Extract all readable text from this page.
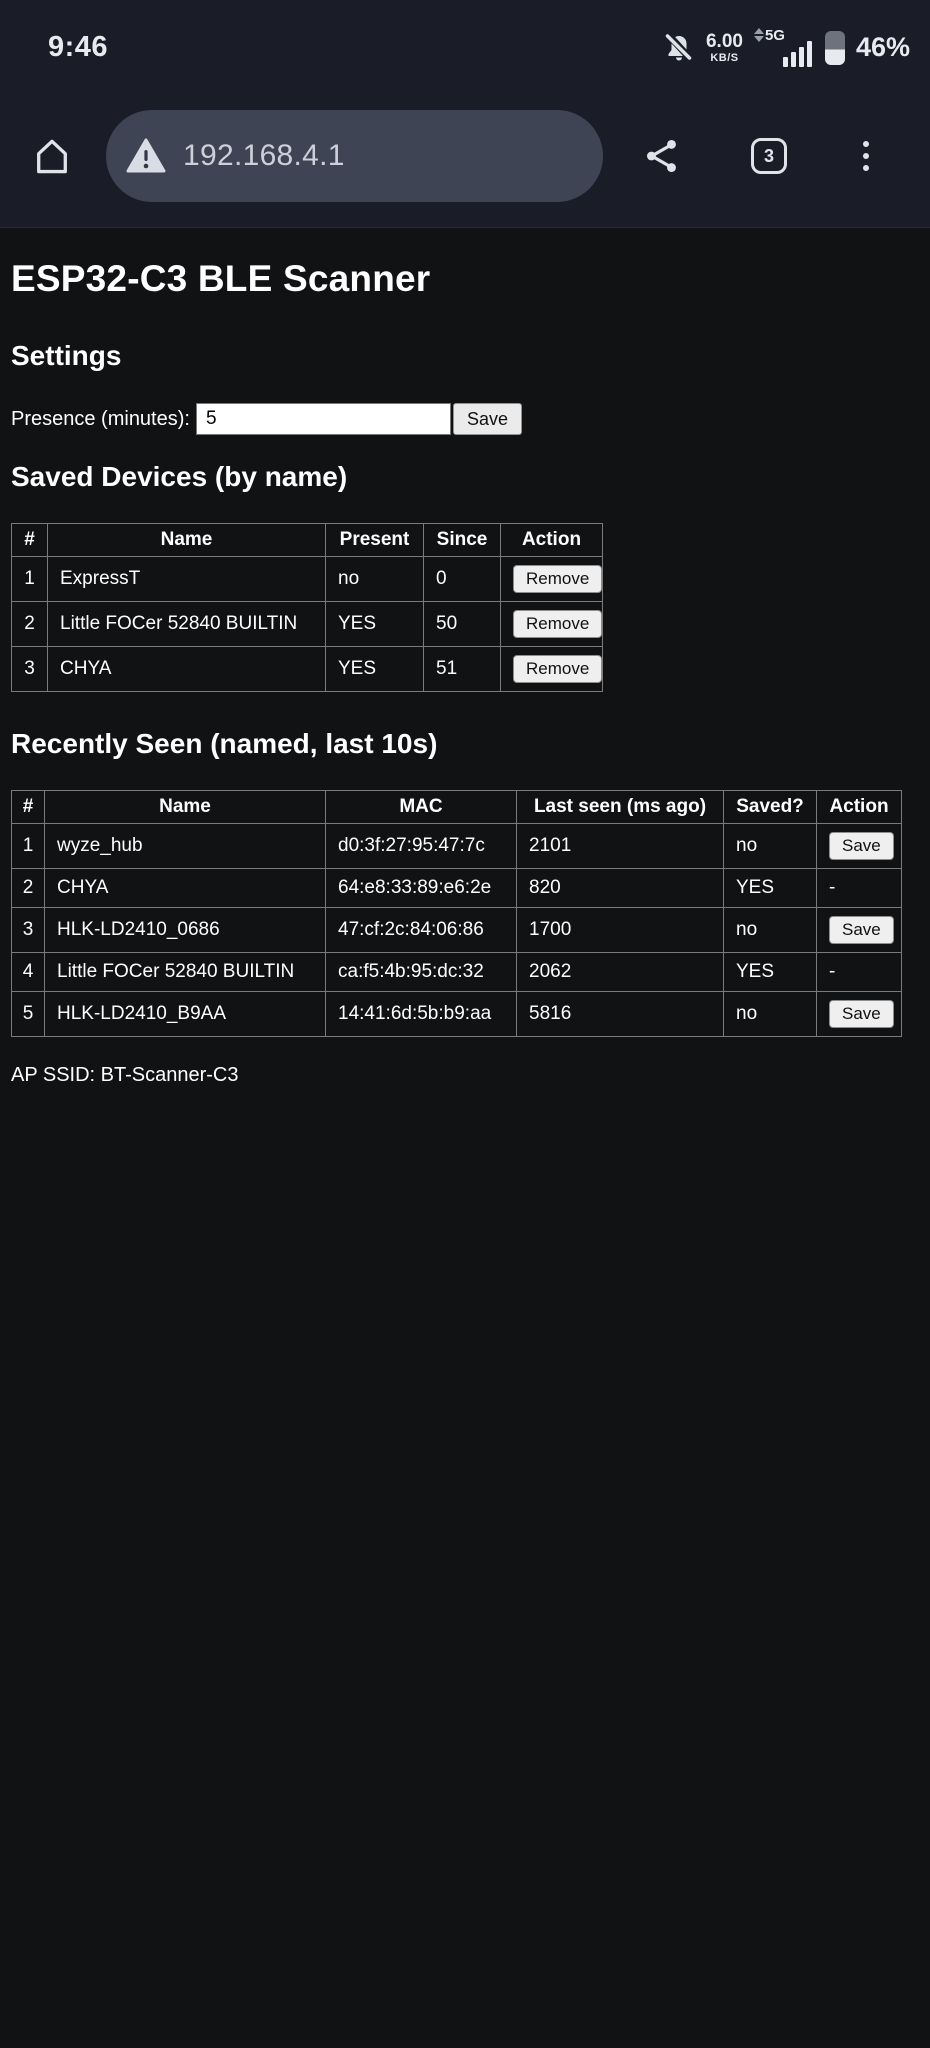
9:46	6.00
KB/S
5G	46%
192.168.4.1	3
ESP32-C3 BLE Scanner
Settings
Presence (minutes):
5	Save
Saved Devices (by name)
#	Name	Present	Since	Action
1	ExpressT	no	0	Remove
2	Little FOCer 52840 BUILTIN	YES	50	Remove
3	CHYA	YES	51	Remove
Recently Seen (named, last 10s)
#	Name	MAC	Last seen (ms ago)	Saved?	Action
1	wyze_hub	d0:3f:27:95:47:7c	2101	no	Save
2	CHYA	64:e8:33:89:e6:2e	820	YES	-
3	HLK-LD2410_0686	47:cf:2c:84:06:86	1700	no	Save
4	Little FOCer 52840 BUILTIN	ca:f5:4b:95:dc:32	2062	YES	-
5	HLK-LD2410_B9AA	14:41:6d:5b:b9:aa	5816	no	Save

AP SSID: BT-Scanner-C3
